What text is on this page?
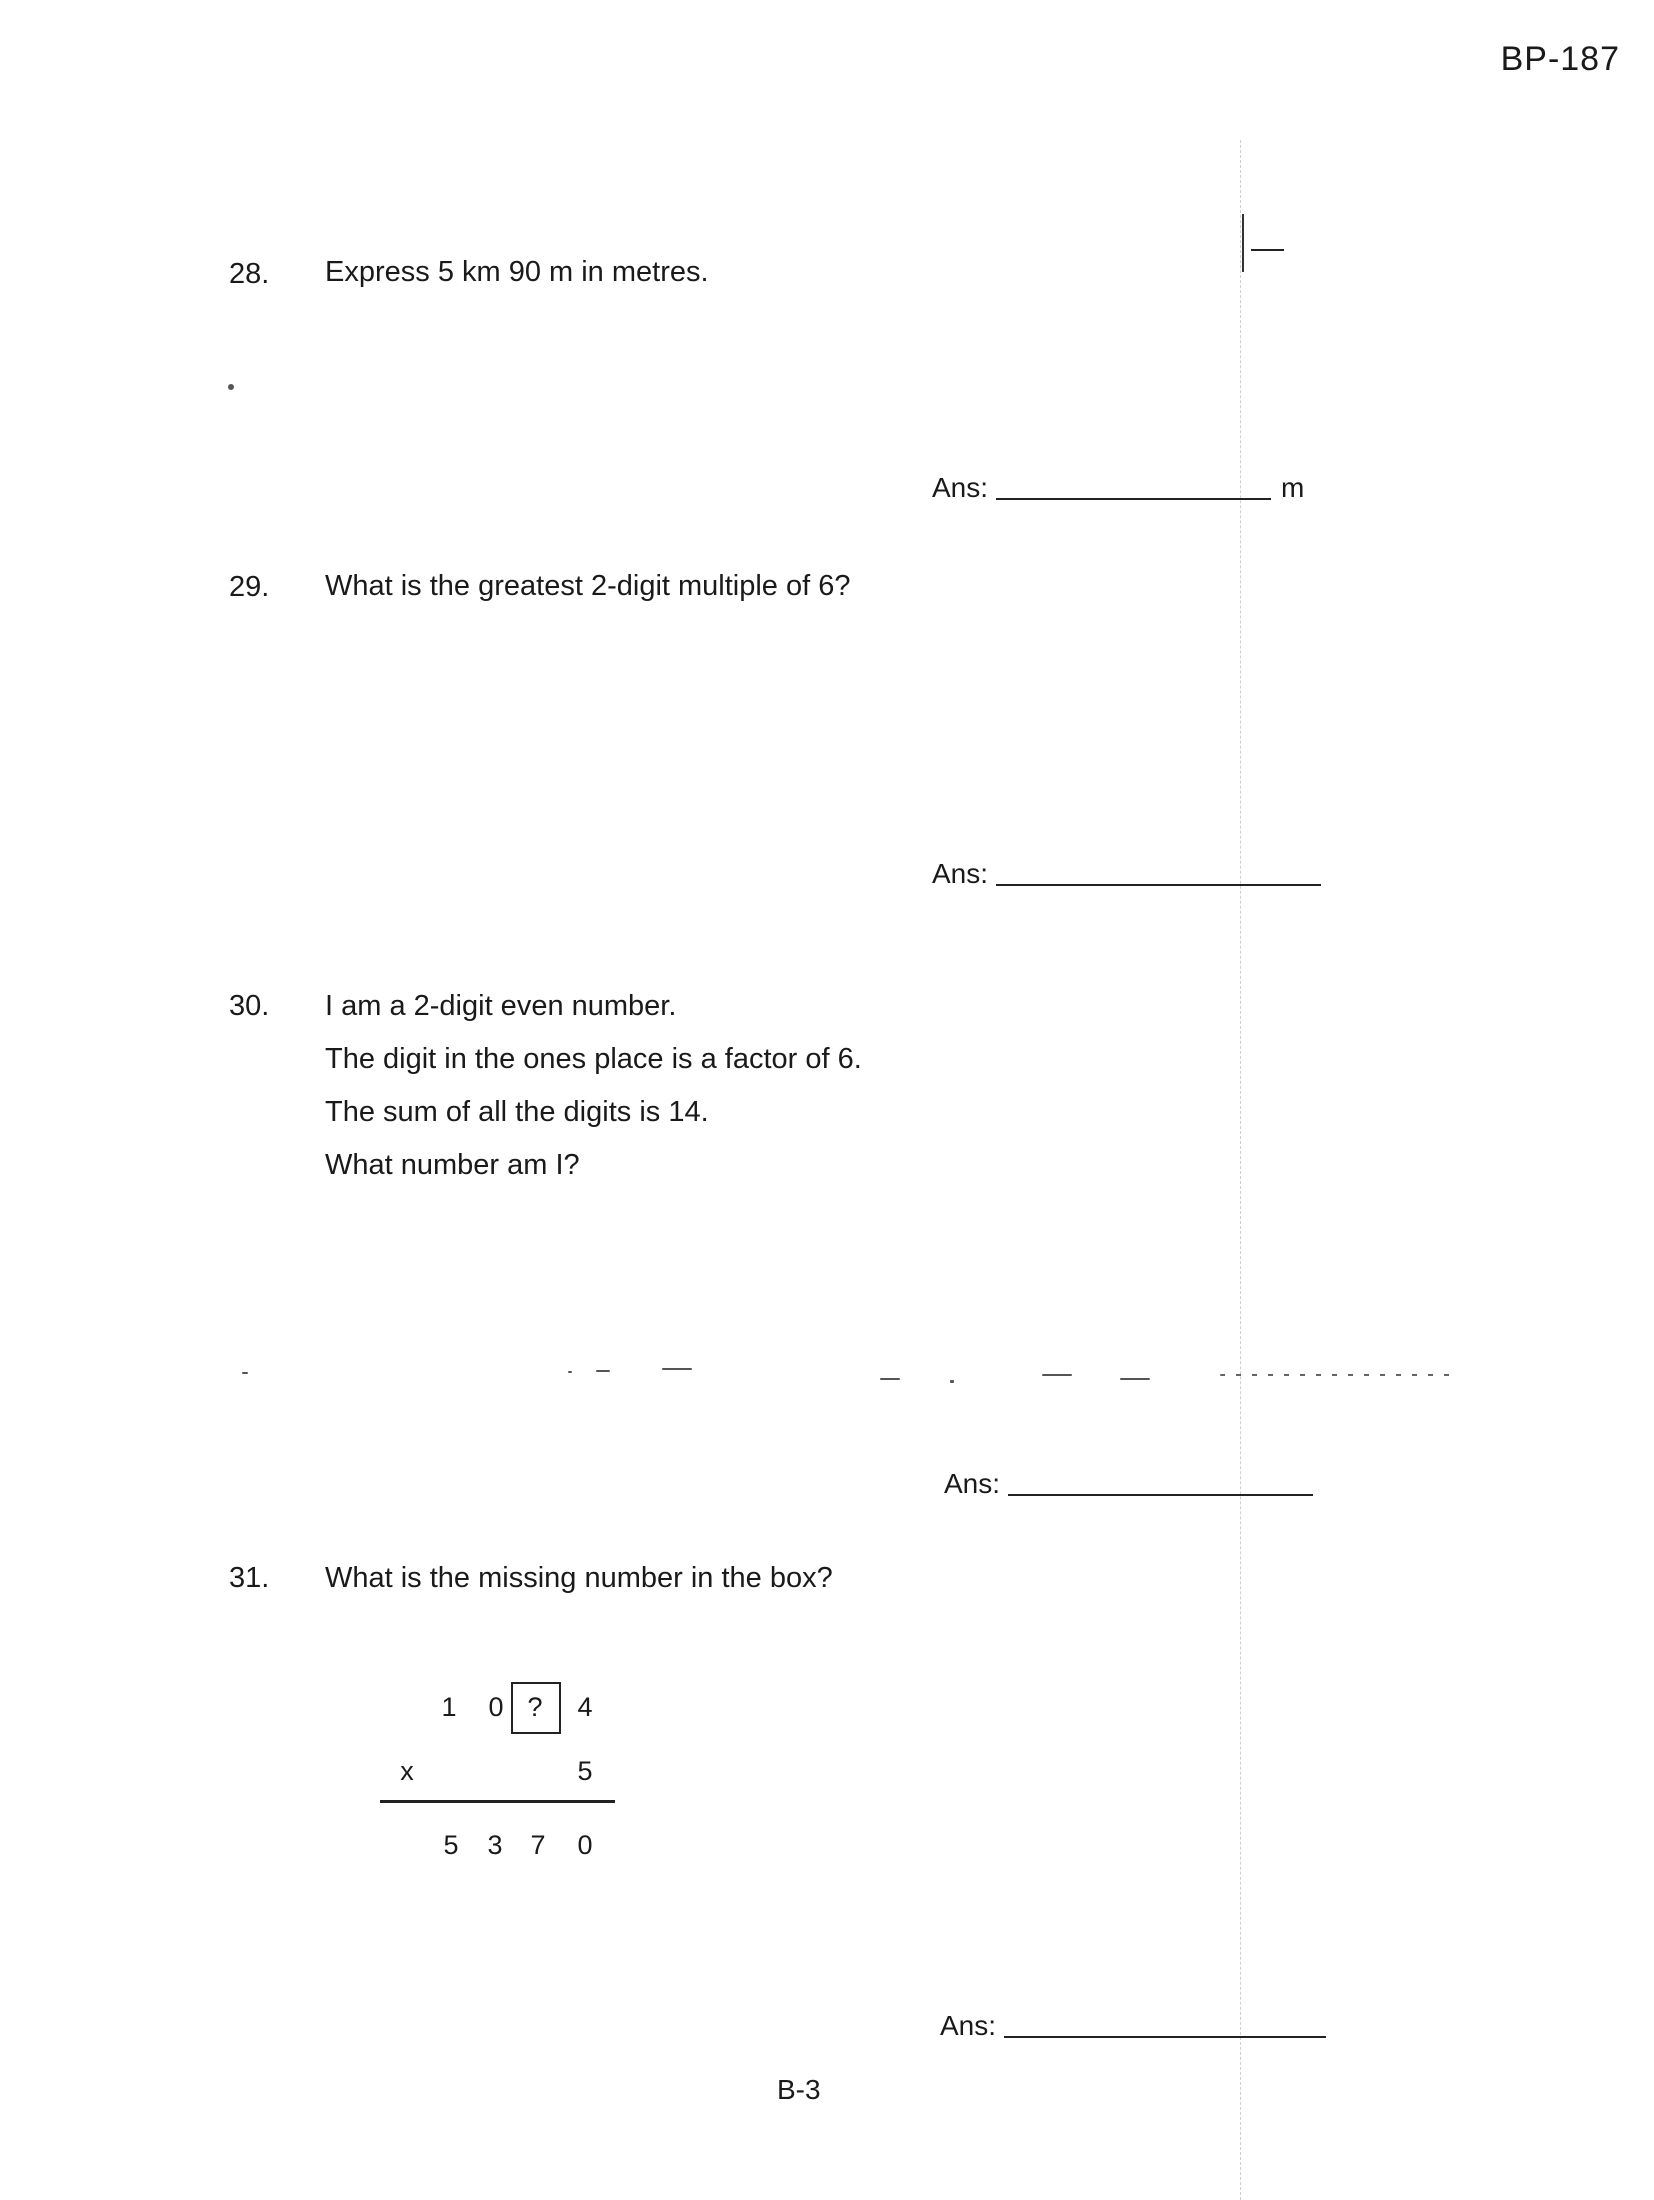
BP-187
28. Express 5 km 90 m in metres.
Ans:	m
29. What is the greatest 2-digit multiple of 6?
Ans:
30. I am a 2-digit even number.
The digit in the ones place is a factor of 6.
The sum of all the digits is 14.
What number am I?
Ans:
31. What is the missing number in the box?
1 0 ? 4
x	5
5 3 7 0
Ans:
B-3
